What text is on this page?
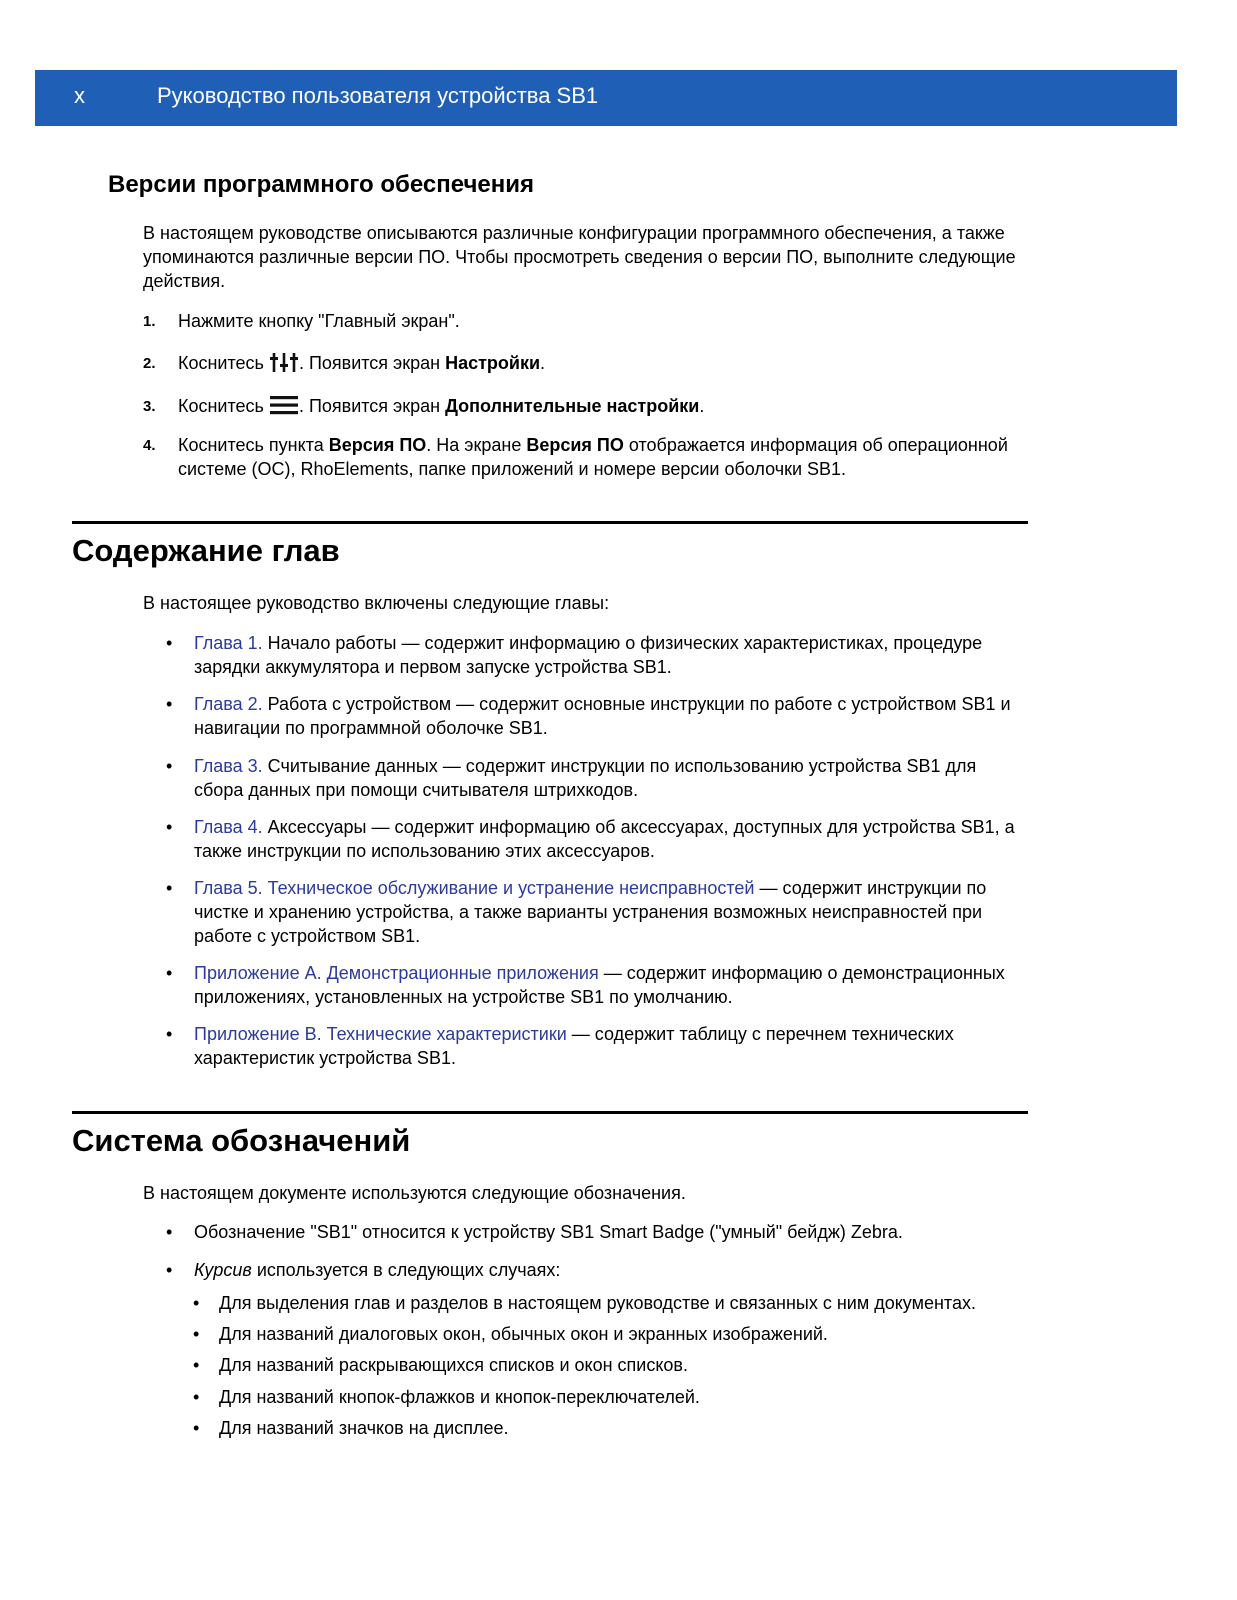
x	Руководство пользователя устройства SB1
Версии программного обеспечения

В настоящем руководстве описываются различные конфигурации программного обеспечения, а также
упоминаются различные версии ПО. Чтобы просмотреть сведения о версии ПО, выполните следующие
действия.

1. Нажмите кнопку "Главный экран".
2. Коснитесь . Появится экран Настройки.
3. Коснитесь . Появится экран Дополнительные настройки.
4. Коснитесь пункта Версия ПО. На экране Версия ПО отображается информация об операционной
системе (ОС), RhoElements, папке приложений и номере версии оболочки SB1.
Содержание глав

В настоящее руководство включены следующие главы:

• Глава 1. Начало работы — содержит информацию о физических характеристиках, процедуре
зарядки аккумулятора и первом запуске устройства SB1.
• Глава 2. Работа с устройством — содержит основные инструкции по работе с устройством SB1 и
навигации по программной оболочке SB1.
• Глава 3. Считывание данных — содержит инструкции по использованию устройства SB1 для
сбора данных при помощи считывателя штрихкодов.
• Глава 4. Аксессуары — содержит информацию об аксессуарах, доступных для устройства SB1, а
также инструкции по использованию этих аксессуаров.
• Глава 5. Техническое обслуживание и устранение неисправностей — содержит инструкции по
чистке и хранению устройства, а также варианты устранения возможных неисправностей при
работе с устройством SB1.
• Приложение A. Демонстрационные приложения — содержит информацию о демонстрационных
приложениях, установленных на устройстве SB1 по умолчанию.
• Приложение B. Технические характеристики — содержит таблицу с перечнем технических
характеристик устройства SB1.
Система обозначений

В настоящем документе используются следующие обозначения.

• Обозначение "SB1" относится к устройству SB1 Smart Badge ("умный" бейдж) Zebra.
• Курсив используется в следующих случаях:
• Для выделения глав и разделов в настоящем руководстве и связанных с ним документах.
• Для названий диалоговых окон, обычных окон и экранных изображений.
• Для названий раскрывающихся списков и окон списков.
• Для названий кнопок-флажков и кнопок-переключателей.
• Для названий значков на дисплее.
